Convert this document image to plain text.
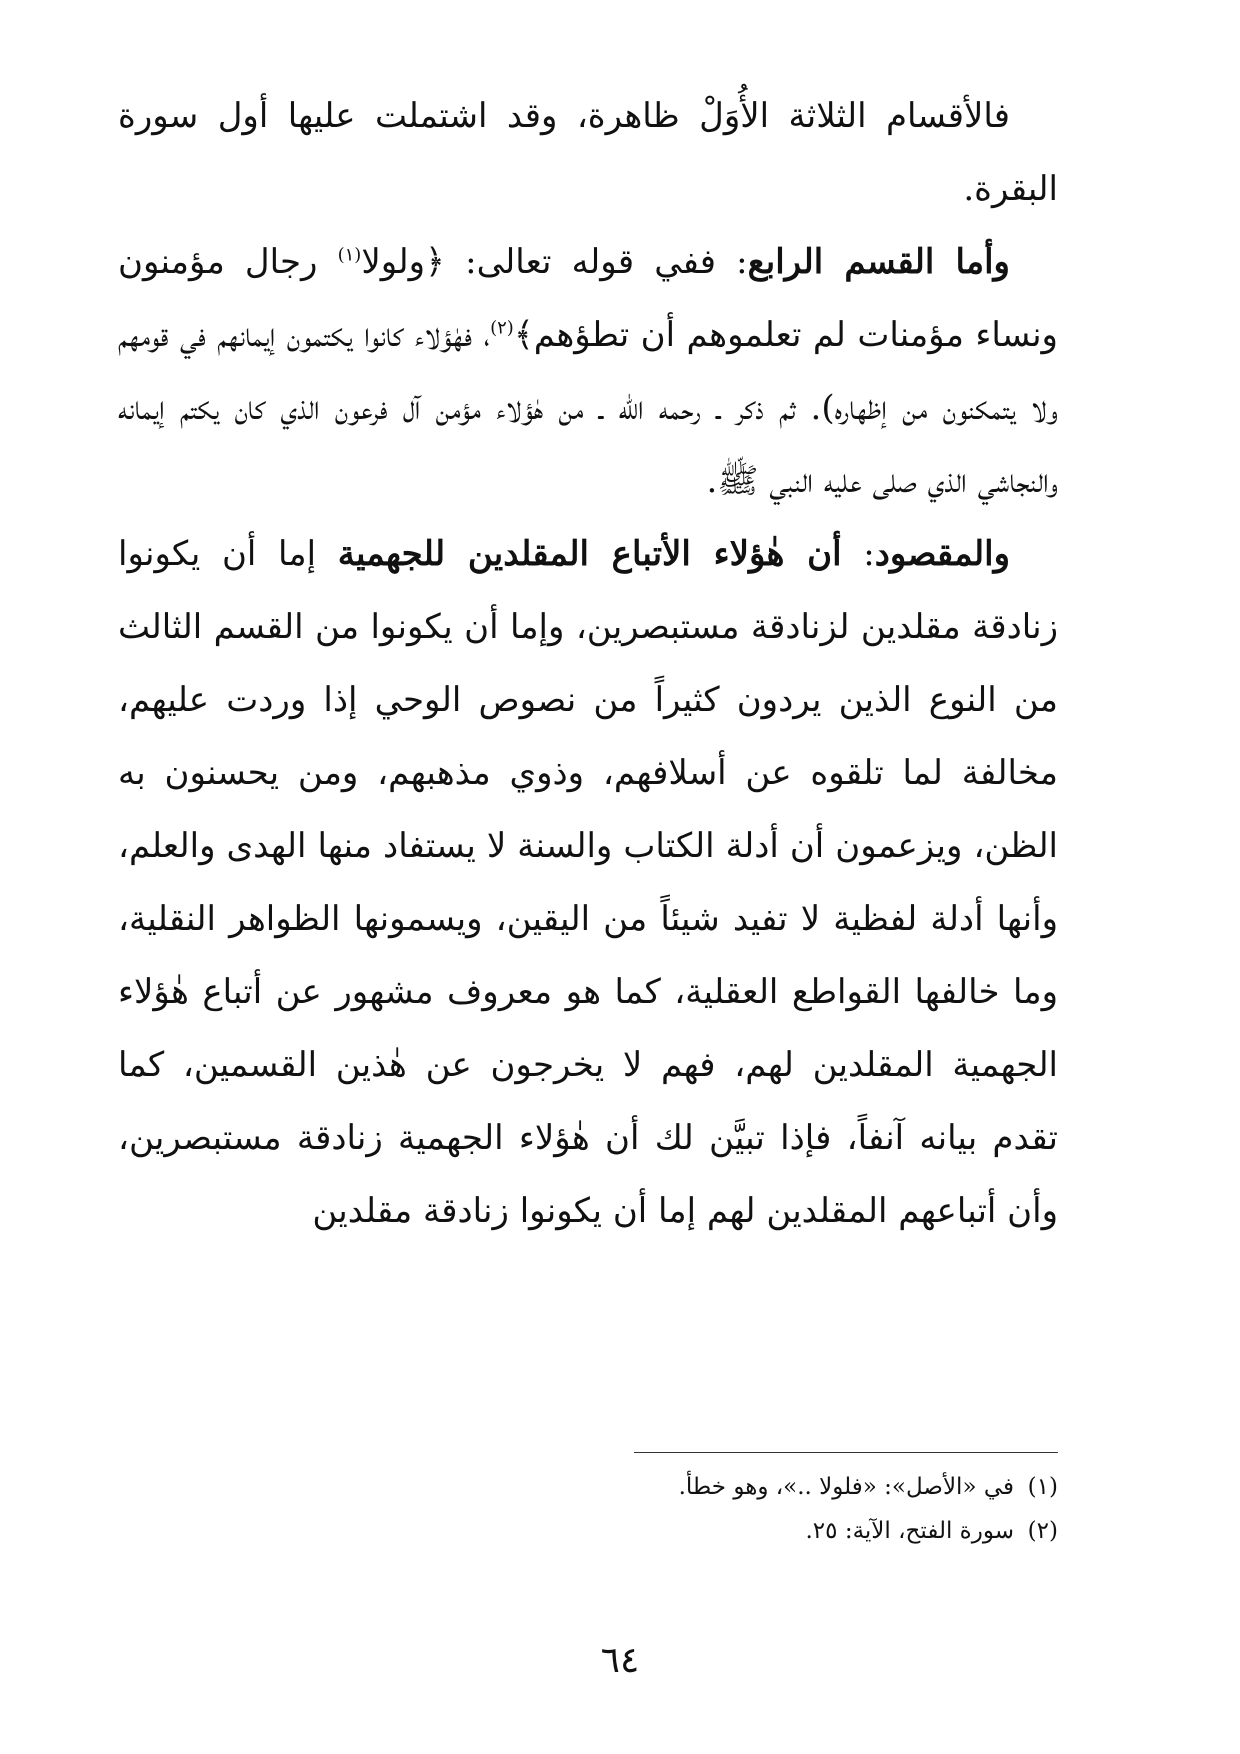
فالأقسام الثلاثة الأُوَلْ ظاهرة، وقد اشتملت عليها أول سورة البقرة.

وأما القسم الرابع: ففي قوله تعالى: ﴿ولولا$^{(١)}$ رجال مؤمنون ونساء مؤمنات لم تعلموهم أن تطؤهم﴾$^{(٢)}$، فهٰؤلاء كانوا يكتمون إيمانهم في قومهم ولا يتمكنون من إظهاره). ثم ذكر ـ رحمه الله ـ من هٰؤلاء مؤمن آل فرعون الذي كان يكتم إيمانه والنجاشي الذي صلى عليه النبي ﷺ.

والمقصود: أن هٰؤلاء الأتباع المقلدين للجهمية إما أن يكونوا زنادقة مقلدين لزنادقة مستبصرين، وإما أن يكونوا من القسم الثالث من النوع الذين يردون كثيراً من نصوص الوحي إذا وردت عليهم، مخالفة لما تلقوه عن أسلافهم، وذوي مذهبهم، ومن يحسنون به الظن، ويزعمون أن أدلة الكتاب والسنة لا يستفاد منها الهدى والعلم، وأنها أدلة لفظية لا تفيد شيئاً من اليقين، ويسمونها الظواهر النقلية، وما خالفها القواطع العقلية، كما هو معروف مشهور عن أتباع هٰؤلاء الجهمية المقلدين لهم، فهم لا يخرجون عن هٰذين القسمين، كما تقدم بيانه آنفاً، فإذا تبيَّن لك أن هٰؤلاء الجهمية زنادقة مستبصرين، وأن أتباعهم المقلدين لهم إما أن يكونوا زنادقة مقلدين

(١)في «الأصل»: «فلولا ..»، وهو خطأ.
(٢)سورة الفتح، الآية: ٢٥.
٦٤
